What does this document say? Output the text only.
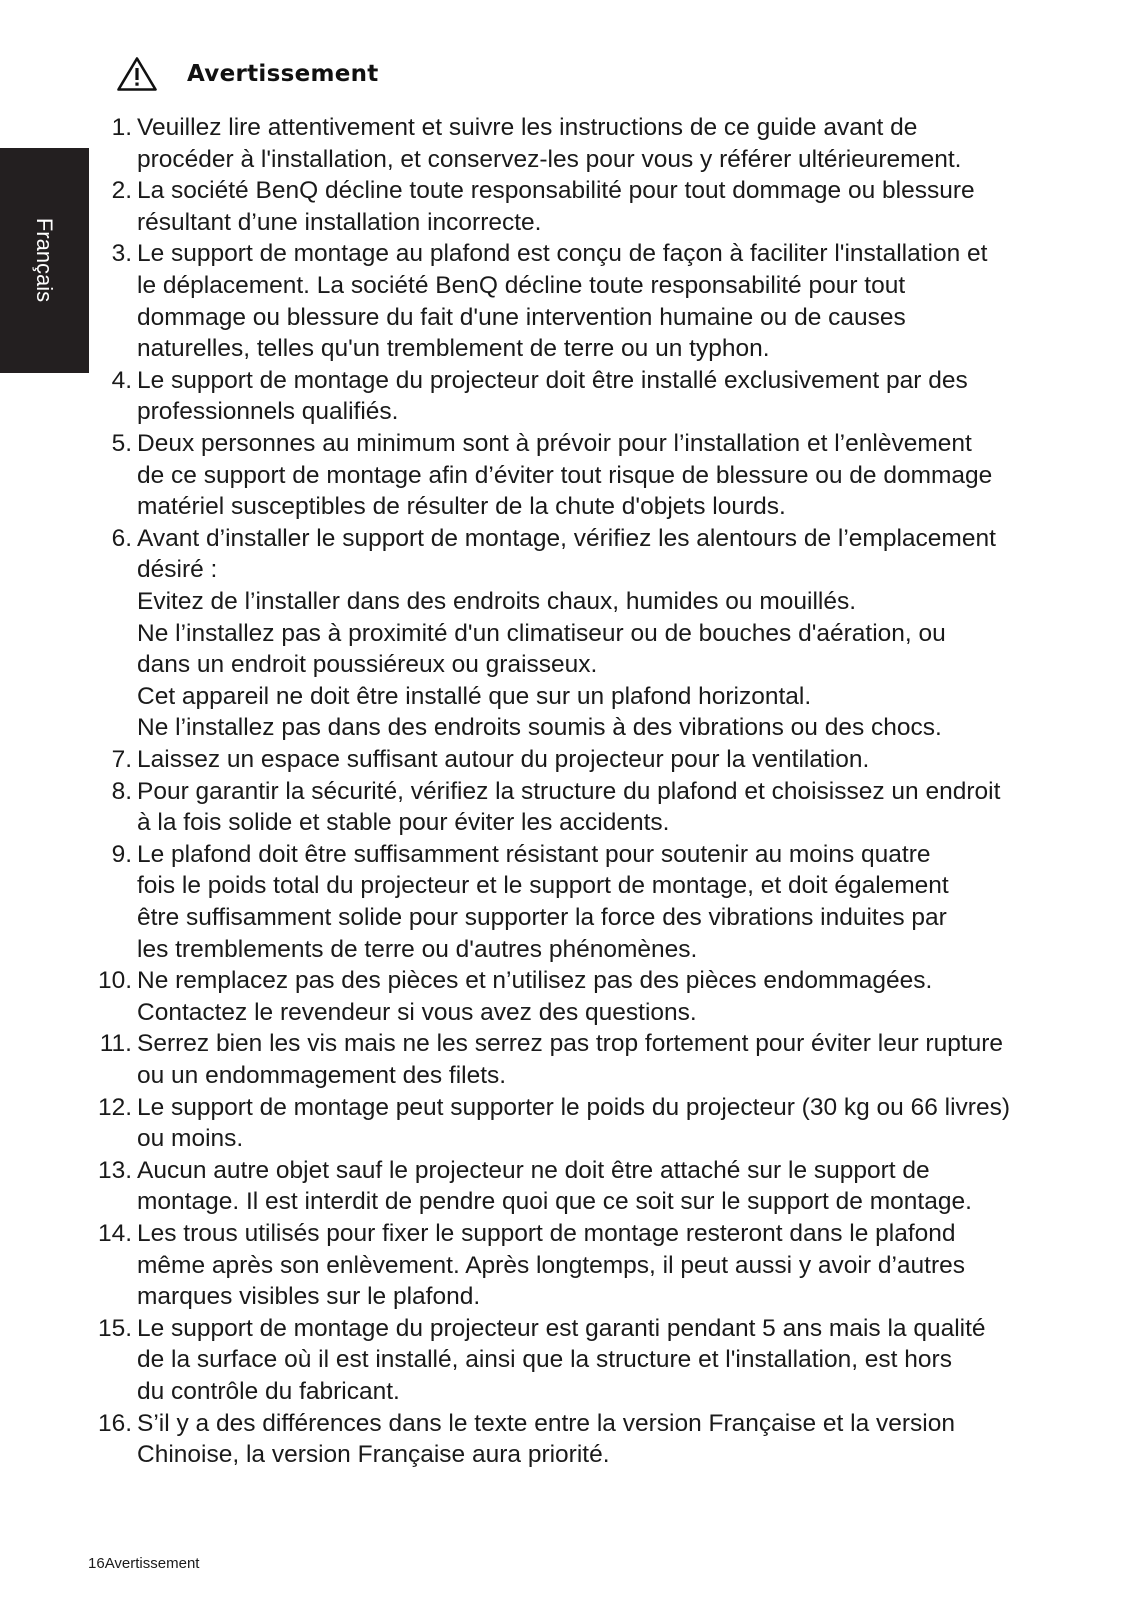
Français
Avertissement
1. Veuillez lire attentivement et suivre les instructions de ce guide avant de
procéder à l'installation, et conservez-les pour vous y référer ultérieurement.
2. La société BenQ décline toute responsabilité pour tout dommage ou blessure
résultant d’une installation incorrecte.
3. Le support de montage au plafond est conçu de façon à faciliter l'installation et
le déplacement. La société BenQ décline toute responsabilité pour tout
dommage ou blessure du fait d'une intervention humaine ou de causes
naturelles, telles qu'un tremblement de terre ou un typhon.
4. Le support de montage du projecteur doit être installé exclusivement par des
professionnels qualifiés.
5. Deux personnes au minimum sont à prévoir pour l’installation et l’enlèvement
de ce support de montage afin d’éviter tout risque de blessure ou de dommage
matériel susceptibles de résulter de la chute d'objets lourds.
6. Avant d’installer le support de montage, vérifiez les alentours de l’emplacement
désiré :
Evitez de l’installer dans des endroits chaux, humides ou mouillés.
Ne l’installez pas à proximité d'un climatiseur ou de bouches d'aération, ou
dans un endroit poussiéreux ou graisseux.
Cet appareil ne doit être installé que sur un plafond horizontal.
Ne l’installez pas dans des endroits soumis à des vibrations ou des chocs.
7. Laissez un espace suffisant autour du projecteur pour la ventilation.
8. Pour garantir la sécurité, vérifiez la structure du plafond et choisissez un endroit
à la fois solide et stable pour éviter les accidents.
9. Le plafond doit être suffisamment résistant pour soutenir au moins quatre
fois le poids total du projecteur et le support de montage, et doit également
être suffisamment solide pour supporter la force des vibrations induites par
les tremblements de terre ou d'autres phénomènes.
10. Ne remplacez pas des pièces et n’utilisez pas des pièces endommagées.
Contactez le revendeur si vous avez des questions.
11. Serrez bien les vis mais ne les serrez pas trop fortement pour éviter leur rupture
ou un endommagement des filets.
12. Le support de montage peut supporter le poids du projecteur (30 kg ou 66 livres)
ou moins.
13. Aucun autre objet sauf le projecteur ne doit être attaché sur le support de
montage. Il est interdit de pendre quoi que ce soit sur le support de montage.
14. Les trous utilisés pour fixer le support de montage resteront dans le plafond
même après son enlèvement. Après longtemps, il peut aussi y avoir d’autres
marques visibles sur le plafond.
15. Le support de montage du projecteur est garanti pendant 5 ans mais la qualité
de la surface où il est installé, ainsi que la structure et l'installation, est hors
du contrôle du fabricant.
16. S’il y a des différences dans le texte entre la version Française et la version
Chinoise, la version Française aura priorité.
16Avertissement
